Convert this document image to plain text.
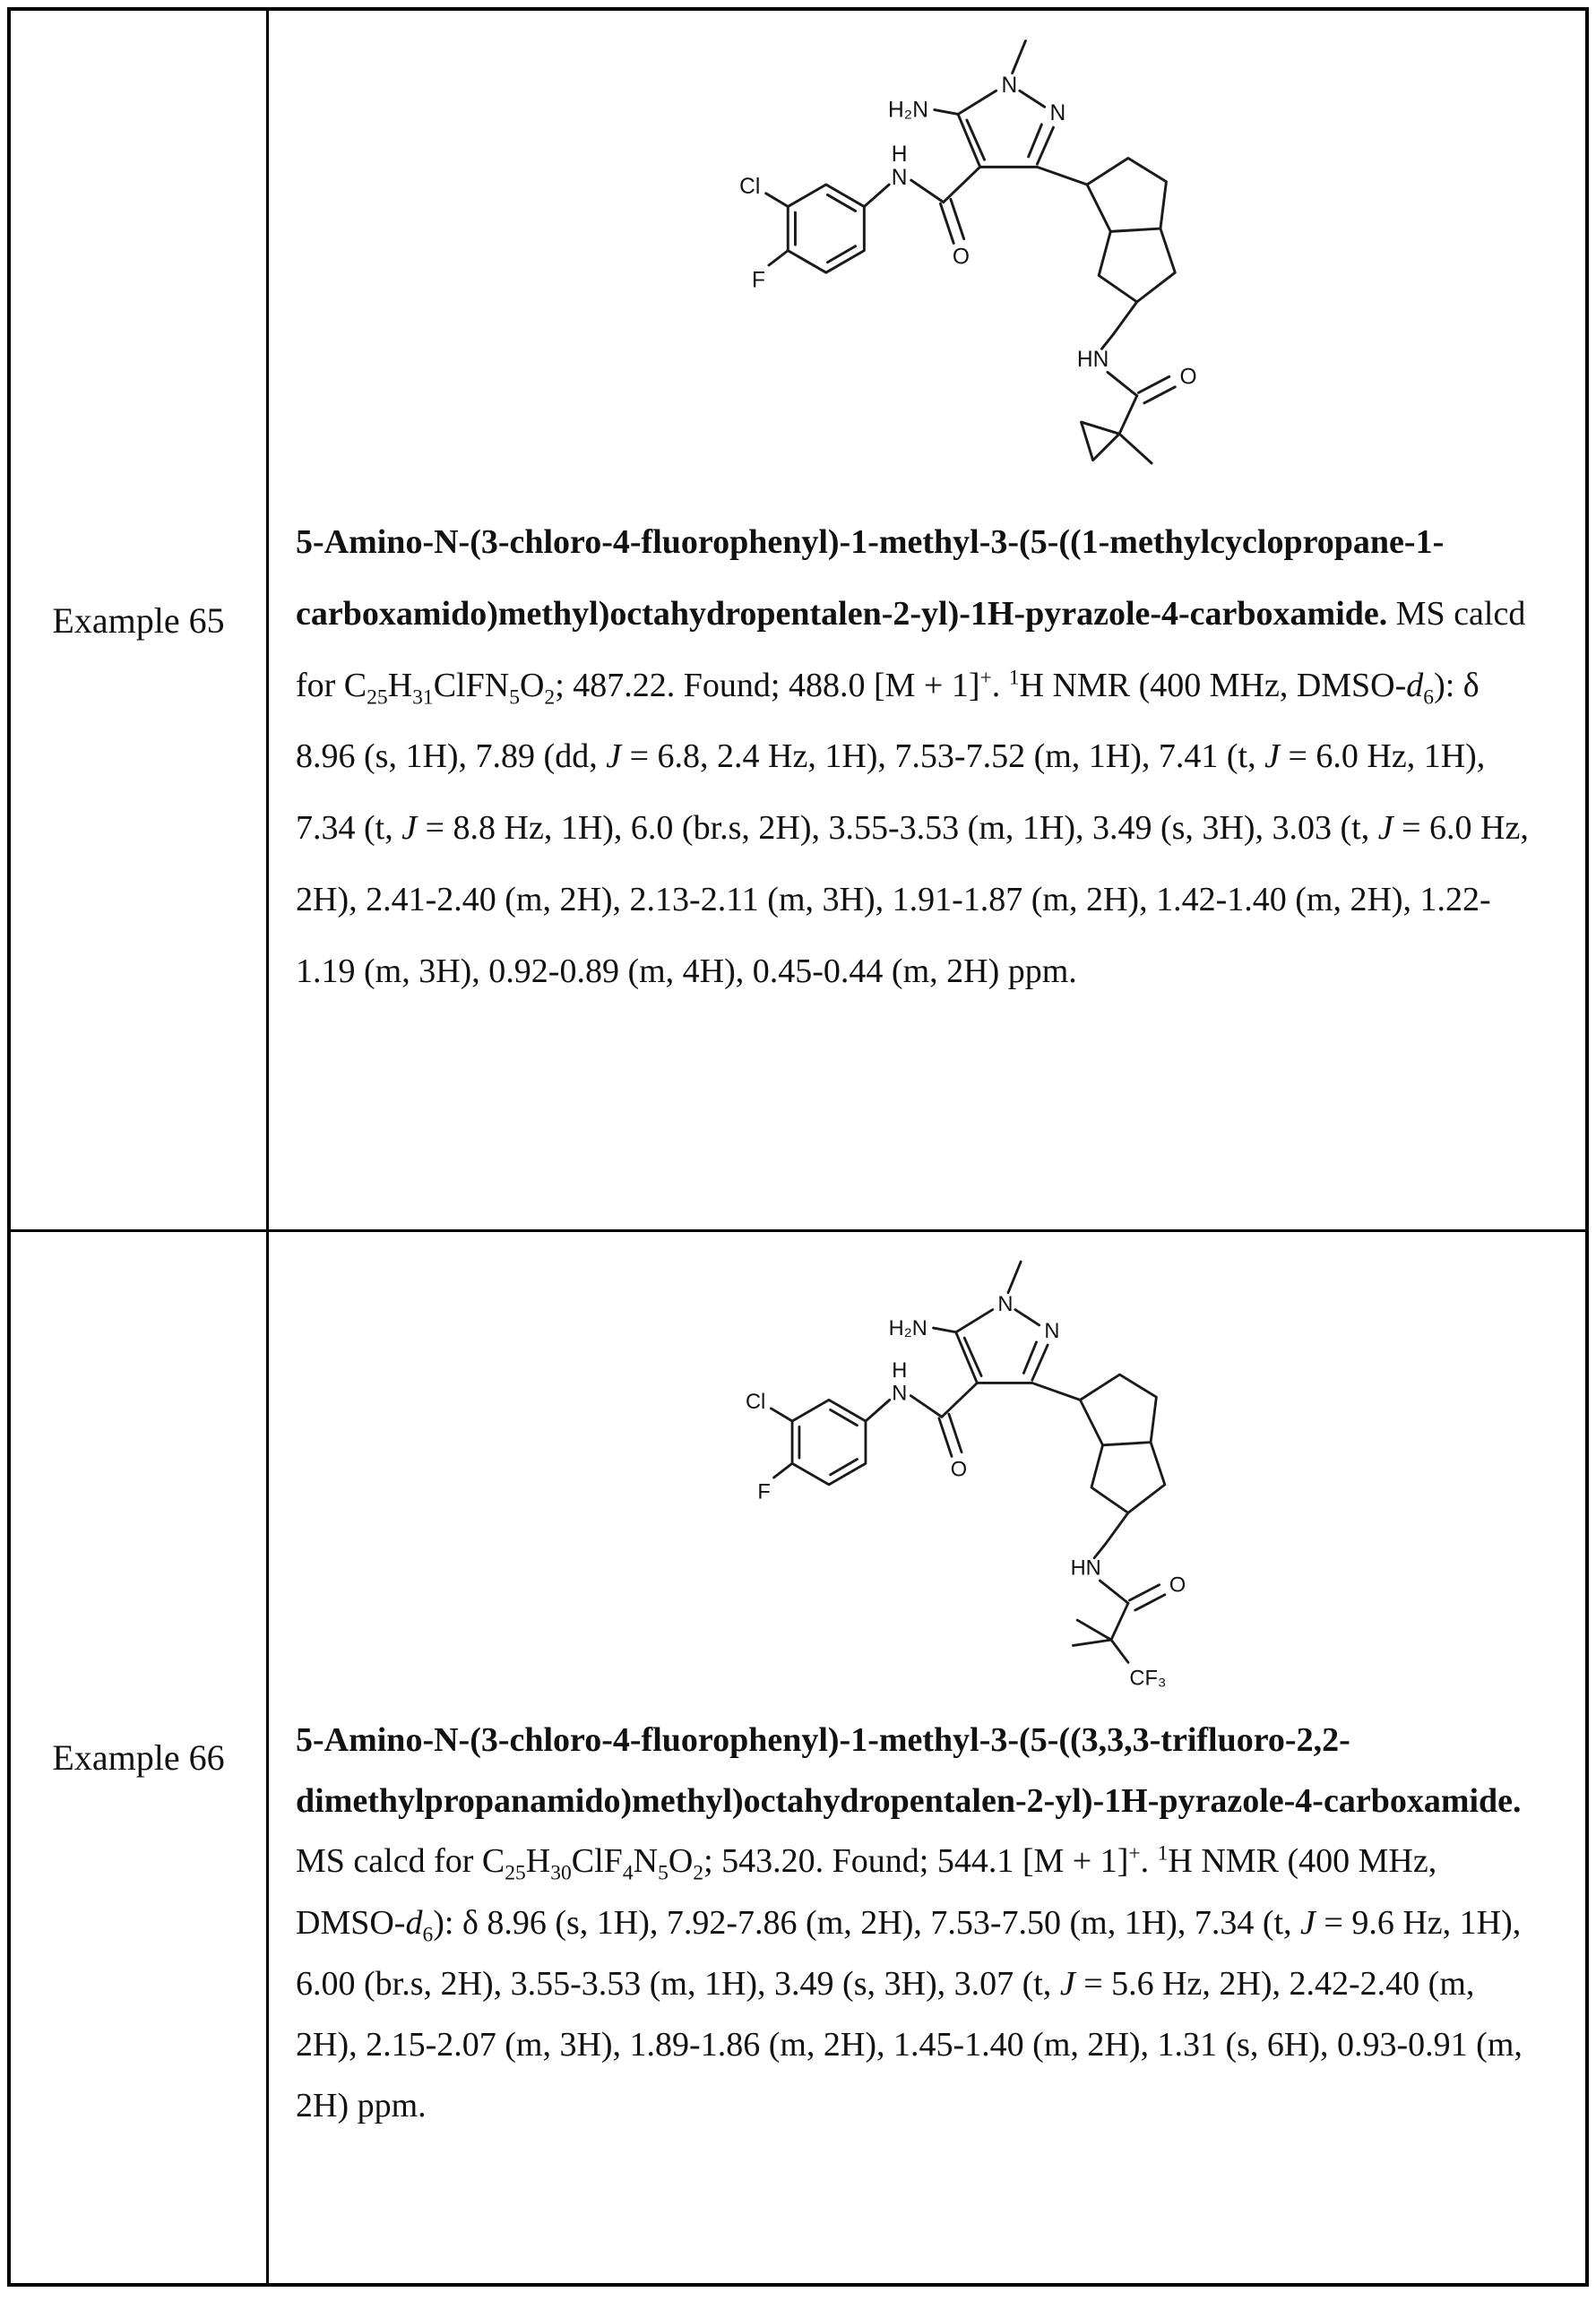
Example 65
H₂N
N
N
H
N
O
Cl
F
HN
O
5-Amino-N-(3-chloro-4-fluorophenyl)-1-methyl-3-(5-((1-methylcyclopropane-1-carboxamido)methyl)octahydropentalen-2-yl)-1H-pyrazole-4-carboxamide. MS calcd for $C_{25}H_{31}ClFN_5O_2$; 487.22. Found; 488.0 [M + 1]+. $^1$H NMR (400 MHz, DMSO-$d_6$): δ 8.96 (s, 1H), 7.89 (dd, J = 6.8, 2.4 Hz, 1H), 7.53-7.52 (m, 1H), 7.41 (t, J = 6.0 Hz, 1H), 7.34 (t, J = 8.8 Hz, 1H), 6.0 (br.s, 2H), 3.55-3.53 (m, 1H), 3.49 (s, 3H), 3.03 (t, J = 6.0 Hz, 2H), 2.41-2.40 (m, 2H), 2.13-2.11 (m, 3H), 1.91-1.87 (m, 2H), 1.42-1.40 (m, 2H), 1.22-1.19 (m, 3H), 0.92-0.89 (m, 4H), 0.45-0.44 (m, 2H) ppm.
Example 66
H₂N
N
N
H
N
O
Cl
F
HN
O
CF₃
5-Amino-N-(3-chloro-4-fluorophenyl)-1-methyl-3-(5-((3,3,3-trifluoro-2,2-dimethylpropanamido)methyl)octahydropentalen-2-yl)-1H-pyrazole-4-carboxamide. MS calcd for $C_{25}H_{30}ClF_4N_5O_2$; 543.20. Found; 544.1 [M + 1]+. $^1$H NMR (400 MHz, DMSO-$d_6$): δ 8.96 (s, 1H), 7.92-7.86 (m, 2H), 7.53-7.50 (m, 1H), 7.34 (t, J = 9.6 Hz, 1H), 6.00 (br.s, 2H), 3.55-3.53 (m, 1H), 3.49 (s, 3H), 3.07 (t, J = 5.6 Hz, 2H), 2.42-2.40 (m, 2H), 2.15-2.07 (m, 3H), 1.89-1.86 (m, 2H), 1.45-1.40 (m, 2H), 1.31 (s, 6H), 0.93-0.91 (m, 2H) ppm.
